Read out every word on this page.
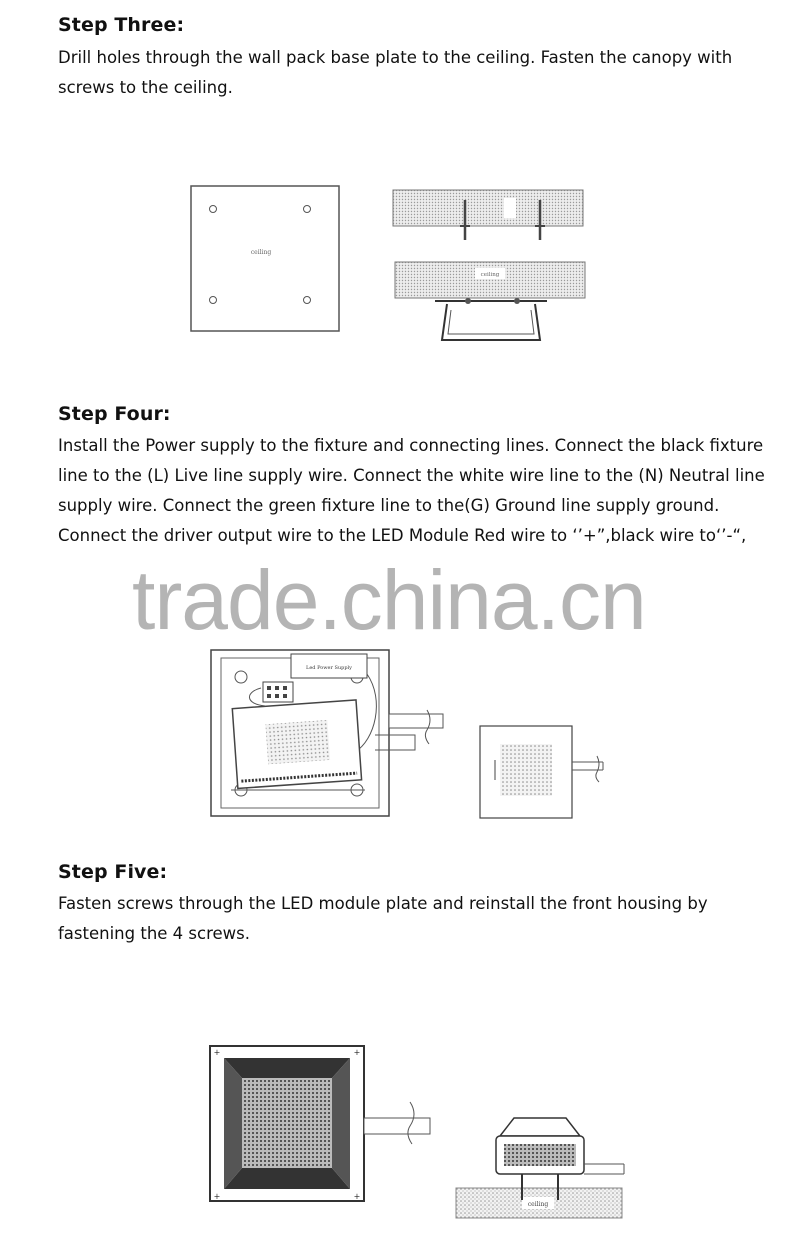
Step Three:

Drill holes through the wall pack base plate to the ceiling. Fasten the canopy with
screws to the ceiling.

ceiling
ceiling
Step Four:

Install the Power supply to the fixture and connecting lines. Connect the black fixture
line to the (L) Live line supply wire. Connect the white wire line to the (N) Neutral line
supply wire. Connect the green fixture line to the(G) Ground line supply ground.
Connect the driver output wire to the LED Module Red wire to ‘’+”,black wire to‘’-“,

trade.china.cn
Led Power Supply
Step Five:

Fasten screws through the LED module plate and reinstall the front housing by
fastening the 4 screws.

+	+
+	+
ceiling
